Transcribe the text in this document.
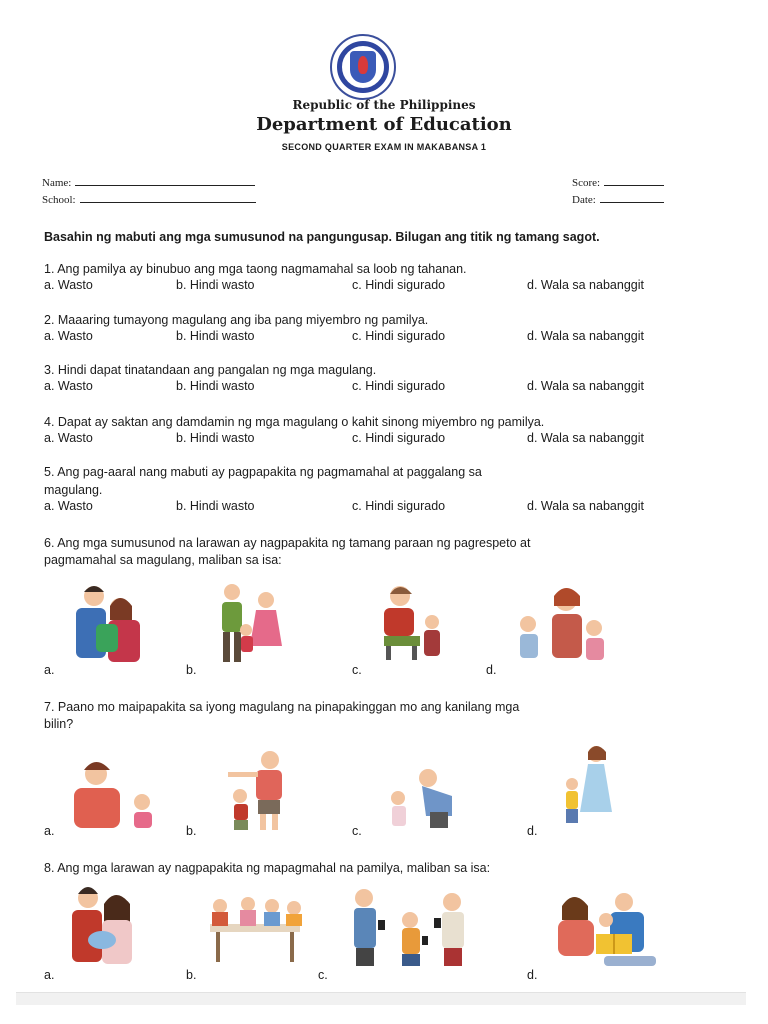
Republic of the Philippines
Department of Education
SECOND QUARTER EXAM IN MAKABANSA 1
Name:
School:
Score:
Date:
Basahin ng mabuti ang mga sumusunod na pangungusap. Bilugan ang titik ng tamang sagot.
1. Ang pamilya ay binubuo ang mga taong nagmamahal sa loob ng tahanan.
a. Wasto	b. Hindi wasto	c. Hindi sigurado	d. Wala sa nabanggit
2. Maaaring tumayong magulang ang iba pang miyembro ng pamilya.
a. Wasto	b. Hindi wasto	c. Hindi sigurado	d. Wala sa nabanggit
3. Hindi dapat tinatandaan ang pangalan ng mga magulang.
a. Wasto	b. Hindi wasto	c. Hindi sigurado	d. Wala sa nabanggit
4. Dapat ay saktan ang damdamin ng mga magulang o kahit sinong miyembro ng pamilya.
a. Wasto	b. Hindi wasto	c. Hindi sigurado	d. Wala sa nabanggit
5. Ang pag-aaral nang mabuti ay pagpapakita ng pagmamahal at paggalang sa
magulang.
a. Wasto	b. Hindi wasto	c. Hindi sigurado	d. Wala sa nabanggit
6. Ang mga sumusunod na larawan ay nagpapakita ng tamang paraan ng pagrespeto at
pagmamahal sa magulang, maliban sa isa:
a.	b.	c.	d.
7. Paano mo maipapakita sa iyong magulang na pinapakinggan mo ang kanilang mga
bilin?
a.	b.	c.	d.
8. Ang mga larawan ay nagpapakita ng mapagmahal na pamilya, maliban sa isa:
a.	b.	c.	d.
